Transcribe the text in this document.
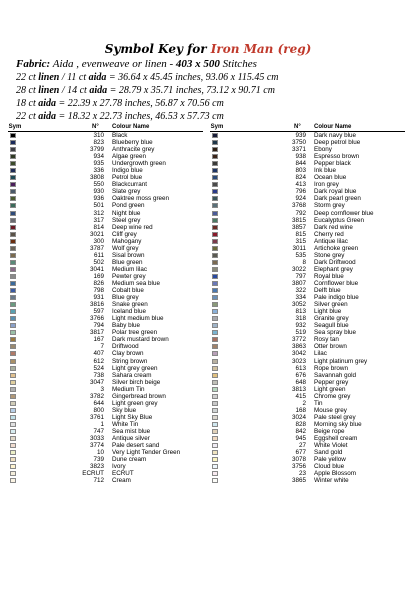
Symbol Key for Iron Man (reg)
Fabric: Aida , evenweave or linen - 403 x 500 Stitches
22 ct linen / 11 ct aida = 36.64 x 45.45 inches, 93.06 x 115.45 cm
28 ct linen / 14 ct aida = 28.79 x 35.71 inches, 73.12 x 90.71 cm
18 ct aida = 22.39 x 27.78 inches, 56.87 x 70.56 cm
22 ct aida = 18.32 x 22.73 inches, 46.53 x 57.73 cm
Sym	N° Colour Name
310 Black
823 Blueberry blue
3799 Anthracite grey
934 Algae green
935 Undergrowth green
336 Indigo blue
3808 Petrol blue
550 Blackcurrant
930 Slate grey
936 Oaktree moss green
501 Pond green
312 Night blue
317 Steel grey
814 Deep wine red
3021 Cliff grey
300 Mahogany
3787 Wolf grey
611 Sisal brown
502 Blue green
3041 Medium lilac
169 Pewter grey
826 Medium sea blue
798 Cobalt blue
931 Blue grey
3816 Snake green
597 Iceland blue
3766 Light medium blue
794 Baby blue
3817 Polar tree green
167 Dark mustard brown
7 Driftwood
407 Clay brown
612 String brown
524 Light grey green
738 Sahara cream
3047 Silver birch beige
3 Medium Tin
3782 Gingerbread brown
644 Light green grey
800 Sky blue
3761 Light Sky Blue
1 White Tin
747 Sea mist blue
3033 Antique silver
3774 Pale desert sand
10 Very Light Tender Green
739 Dune cream
3823 Ivory
ECRUT ECRUT
712 Cream
Sym	N° Colour Name
939 Dark navy blue
3750 Deep petrol blue
3371 Ebony
938 Espresso brown
844 Pepper black
803 Ink blue
824 Ocean blue
413 Iron grey
796 Dark royal blue
924 Dark pearl green
3768 Storm grey
792 Deep cornflower blue
3815 Eucalyptus Green
3857 Dark red wine
815 Cherry red
315 Antique lilac
3011 Artichoke green
535 Stone grey
8 Dark Driftwood
3022 Elephant grey
797 Royal blue
3807 Cornflower blue
322 Delft blue
334 Pale indigo blue
3052 Silver green
813 Light blue
318 Granite grey
932 Seagull blue
519 Sea spray blue
3772 Rosy tan
3863 Otter brown
3042 Lilac
3023 Light platinum grey
613 Rope brown
676 Savannah gold
648 Pepper grey
3813 Light green
415 Chrome grey
2 Tin
168 Mouse grey
3024 Pale steel grey
828 Morning sky blue
842 Beige rope
945 Eggshell cream
27 White Violet
677 Sand gold
3078 Pale yellow
3756 Cloud blue
23 Apple Blossom
3865 Winter white
